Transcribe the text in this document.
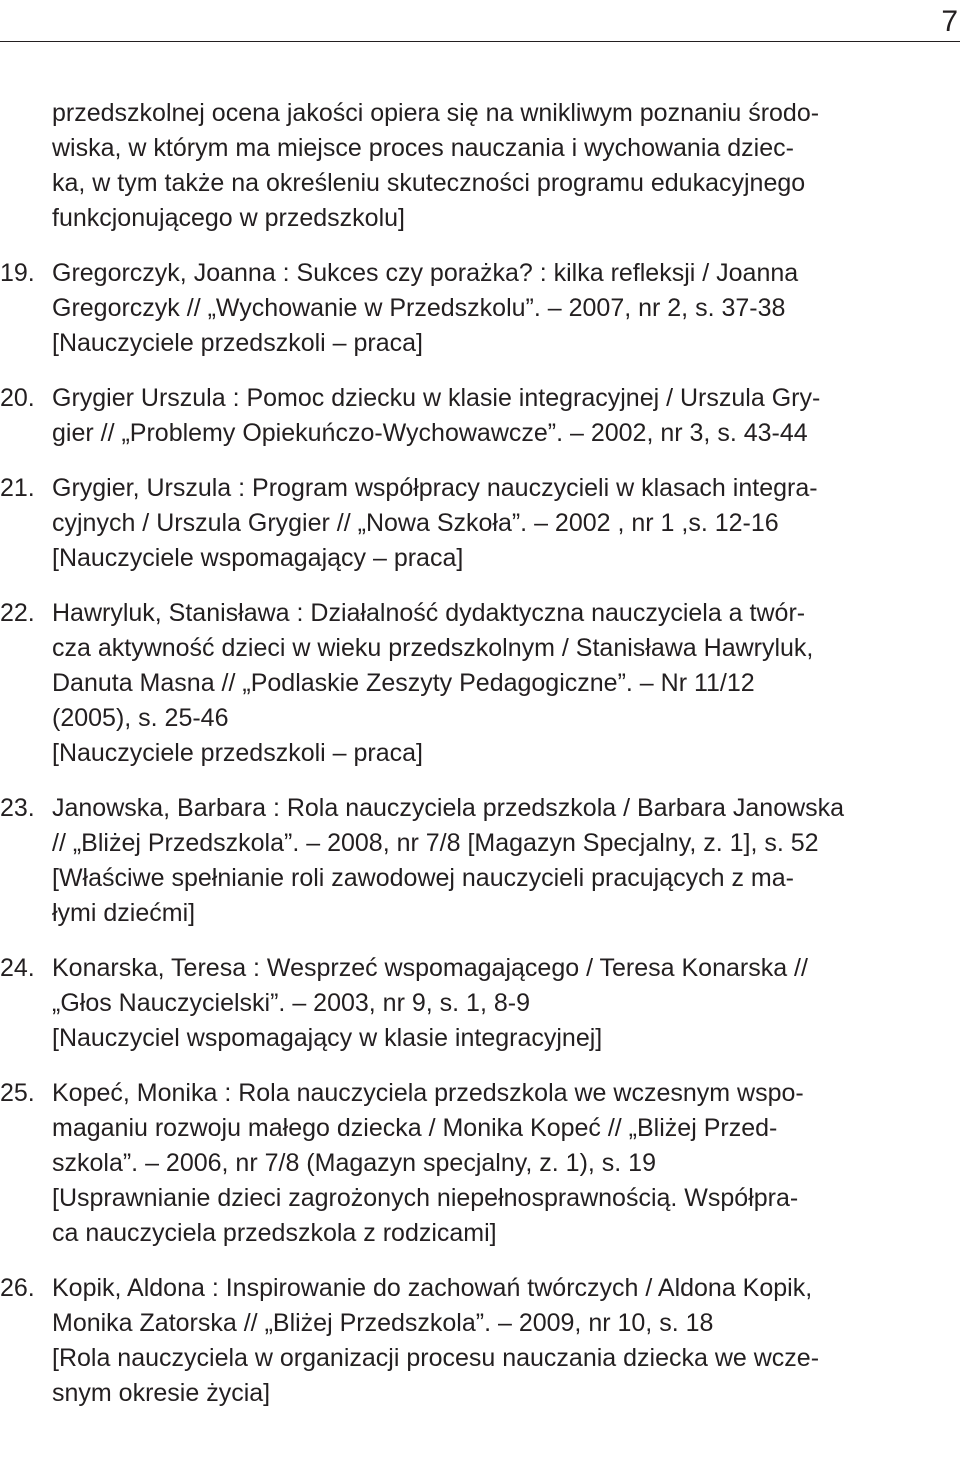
7

przedszkolnej ocena jakości opiera się na wnikliwym poznaniu środo-
wiska, w którym ma miejsce proces nauczania i wychowania dziec-
ka, w tym także na określeniu skuteczności programu edukacyjnego
funkcjonującego w przedszkolu]

19. Gregorczyk, Joanna : Sukces czy porażka? : kilka refleksji / Joanna
Gregorczyk // „Wychowanie w Przedszkolu”. – 2007, nr 2, s. 37-38
[Nauczyciele przedszkoli – praca]
20. Grygier Urszula : Pomoc dziecku w klasie integracyjnej / Urszula Gry-
gier // „Problemy Opiekuńczo-Wychowawcze”. – 2002, nr 3, s. 43-44
21. Grygier, Urszula : Program współpracy nauczycieli w klasach integra-
cyjnych / Urszula Grygier // „Nowa Szkoła”. – 2002 , nr 1 ,s. 12-16
[Nauczyciele wspomagający – praca]
22. Hawryluk, Stanisława : Działalność dydaktyczna nauczyciela a twór-
cza aktywność dzieci w wieku przedszkolnym / Stanisława Hawryluk,
Danuta Masna // „Podlaskie Zeszyty Pedagogiczne”. – Nr 11/12
(2005), s. 25-46
[Nauczyciele przedszkoli – praca]
23. Janowska, Barbara : Rola nauczyciela przedszkola / Barbara Janowska
// „Bliżej Przedszkola”. – 2008, nr 7/8 [Magazyn Specjalny, z. 1], s. 52
[Właściwe spełnianie roli zawodowej nauczycieli pracujących z ma-
łymi dziećmi]
24. Konarska, Teresa : Wesprzeć wspomagającego / Teresa Konarska //
„Głos Nauczycielski”. – 2003, nr 9, s. 1, 8-9
[Nauczyciel wspomagający w klasie integracyjnej]
25. Kopeć, Monika : Rola nauczyciela przedszkola we wczesnym wspo-
maganiu rozwoju małego dziecka / Monika Kopeć // „Bliżej Przed-
szkola”. – 2006, nr 7/8 (Magazyn specjalny, z. 1), s. 19
[Usprawnianie dzieci zagrożonych niepełnosprawnością. Współpra-
ca nauczyciela przedszkola z rodzicami]
26. Kopik, Aldona : Inspirowanie do zachowań twórczych / Aldona Kopik,
Monika Zatorska // „Bliżej Przedszkola”. – 2009, nr 10, s. 18
[Rola nauczyciela w organizacji procesu nauczania dziecka we wcze-
snym okresie życia]
